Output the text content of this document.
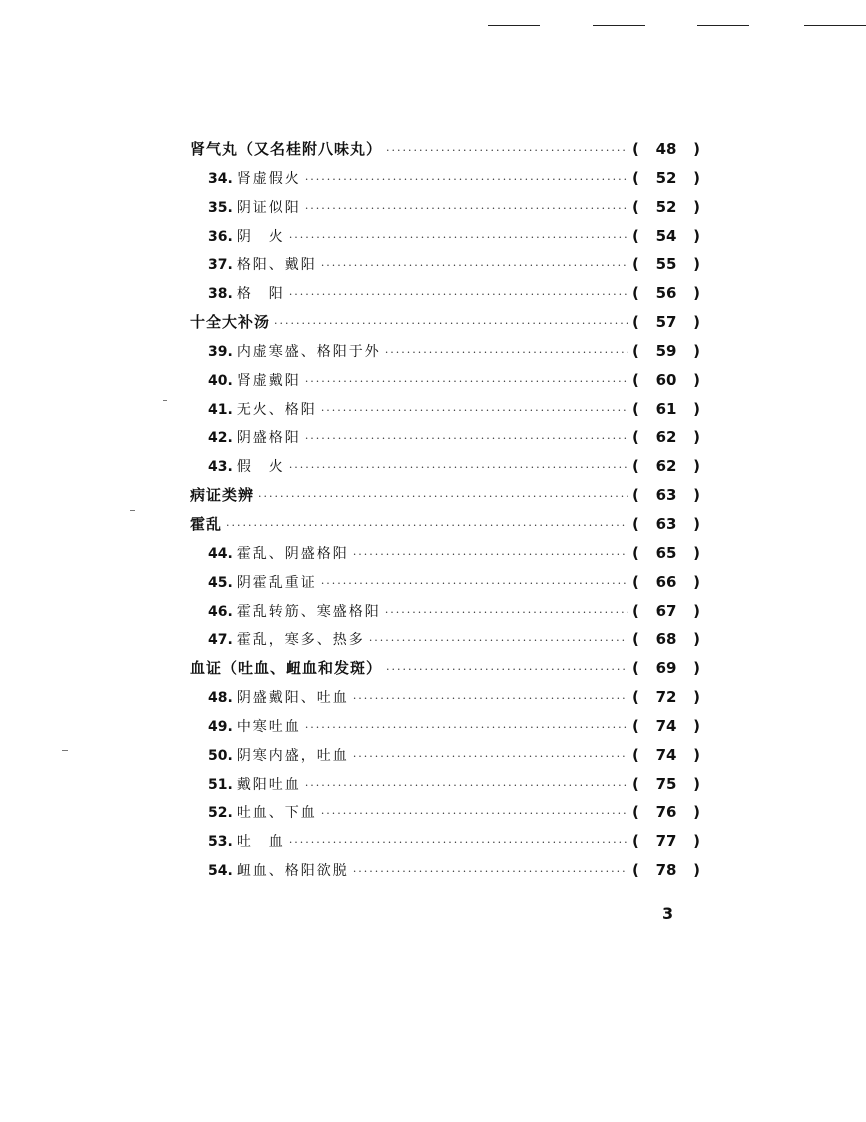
肾气丸（又名桂附八味丸） ·····	(	48	)
34. 肾虚假火 ·····	(	52	)
35. 阴证似阳 ·····	(	52	)
36. 阴　火 ·····	(	54	)
37. 格阳、戴阳 ·····	(	55	)
38. 格　阳 ·····	(	56	)
十全大补汤 ·····	(	57	)
39. 内虚寒盛、格阳于外 ·····	(	59	)
40. 肾虚戴阳 ·····	(	60	)
41. 无火、格阳 ·····	(	61	)
42. 阴盛格阳 ·····	(	62	)
43. 假　火 ·····	(	62	)
病证类辨 ·····	(	63	)
霍乱 ·····	(	63	)
44. 霍乱、阴盛格阳 ·····	(	65	)
45. 阴霍乱重证 ·····	(	66	)
46. 霍乱转筋、寒盛格阳 ·····	(	67	)
47. 霍乱，寒多、热多 ·····	(	68	)
血证（吐血、衄血和发斑） ·····	(	69	)
48. 阴盛戴阳、吐血 ·····	(	72	)
49. 中寒吐血 ·····	(	74	)
50. 阴寒内盛，吐血 ·····	(	74	)
51. 戴阳吐血 ·····	(	75	)
52. 吐血、下血 ·····	(	76	)
53. 吐　血 ·····	(	77	)
54. 衄血、格阳欲脱 ·····	(	78	)
3
